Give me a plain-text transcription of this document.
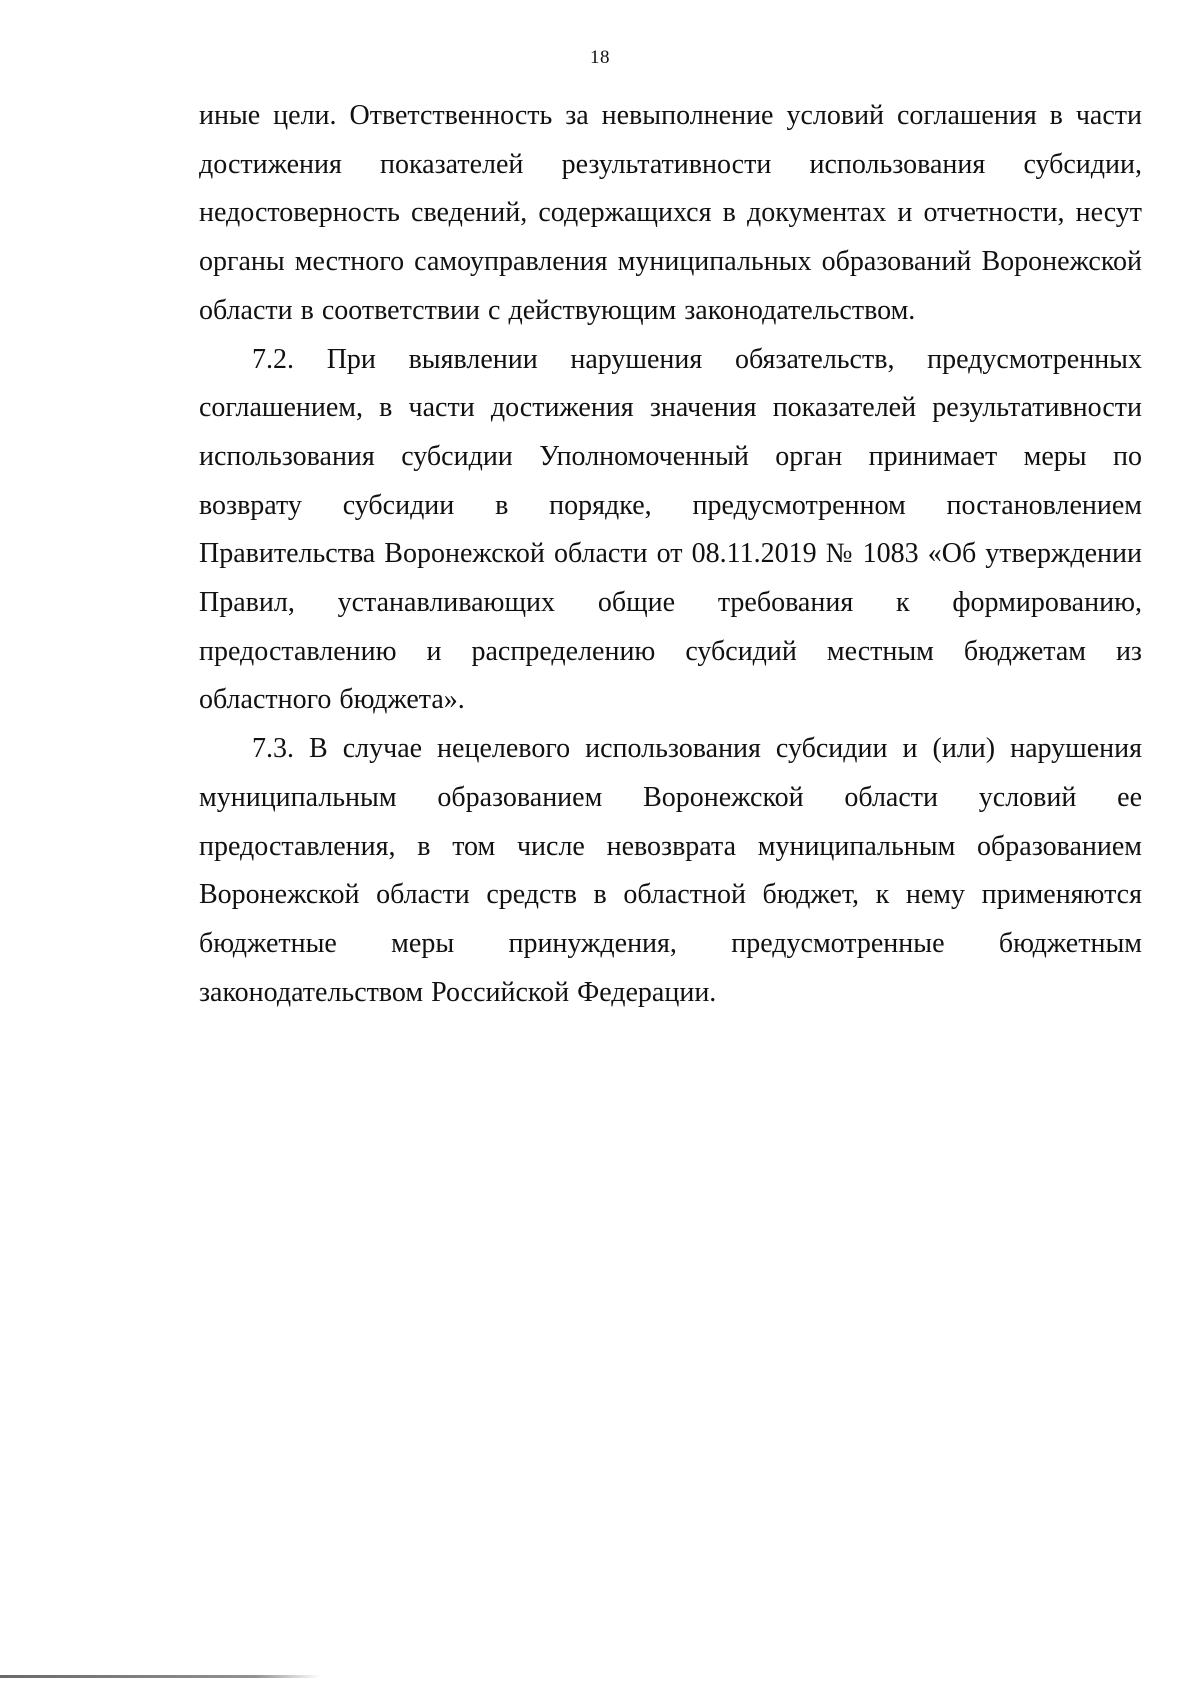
18

иные цели. Ответственность за невыполнение условий соглашения в части достижения показателей результативности использования субсидии, недостоверность сведений, содержащихся в документах и отчетности, несут органы местного самоуправления муниципальных образований Воронежской области в соответствии с действующим законодательством.

7.2. При выявлении нарушения обязательств, предусмотренных соглашением, в части достижения значения показателей результативности использования субсидии Уполномоченный орган принимает меры по возврату субсидии в порядке, предусмотренном постановлением Правительства Воронежской области от 08.11.2019 № 1083 «Об утверждении Правил, устанавливающих общие требования к формированию, предоставлению и распределению субсидий местным бюджетам из областного бюджета».

7.3. В случае нецелевого использования субсидии и (или) нарушения муниципальным образованием Воронежской области условий ее предоставления, в том числе невозврата муниципальным образованием Воронежской области средств в областной бюджет, к нему применяются бюджетные меры принуждения, предусмотренные бюджетным законодательством Российской Федерации.
